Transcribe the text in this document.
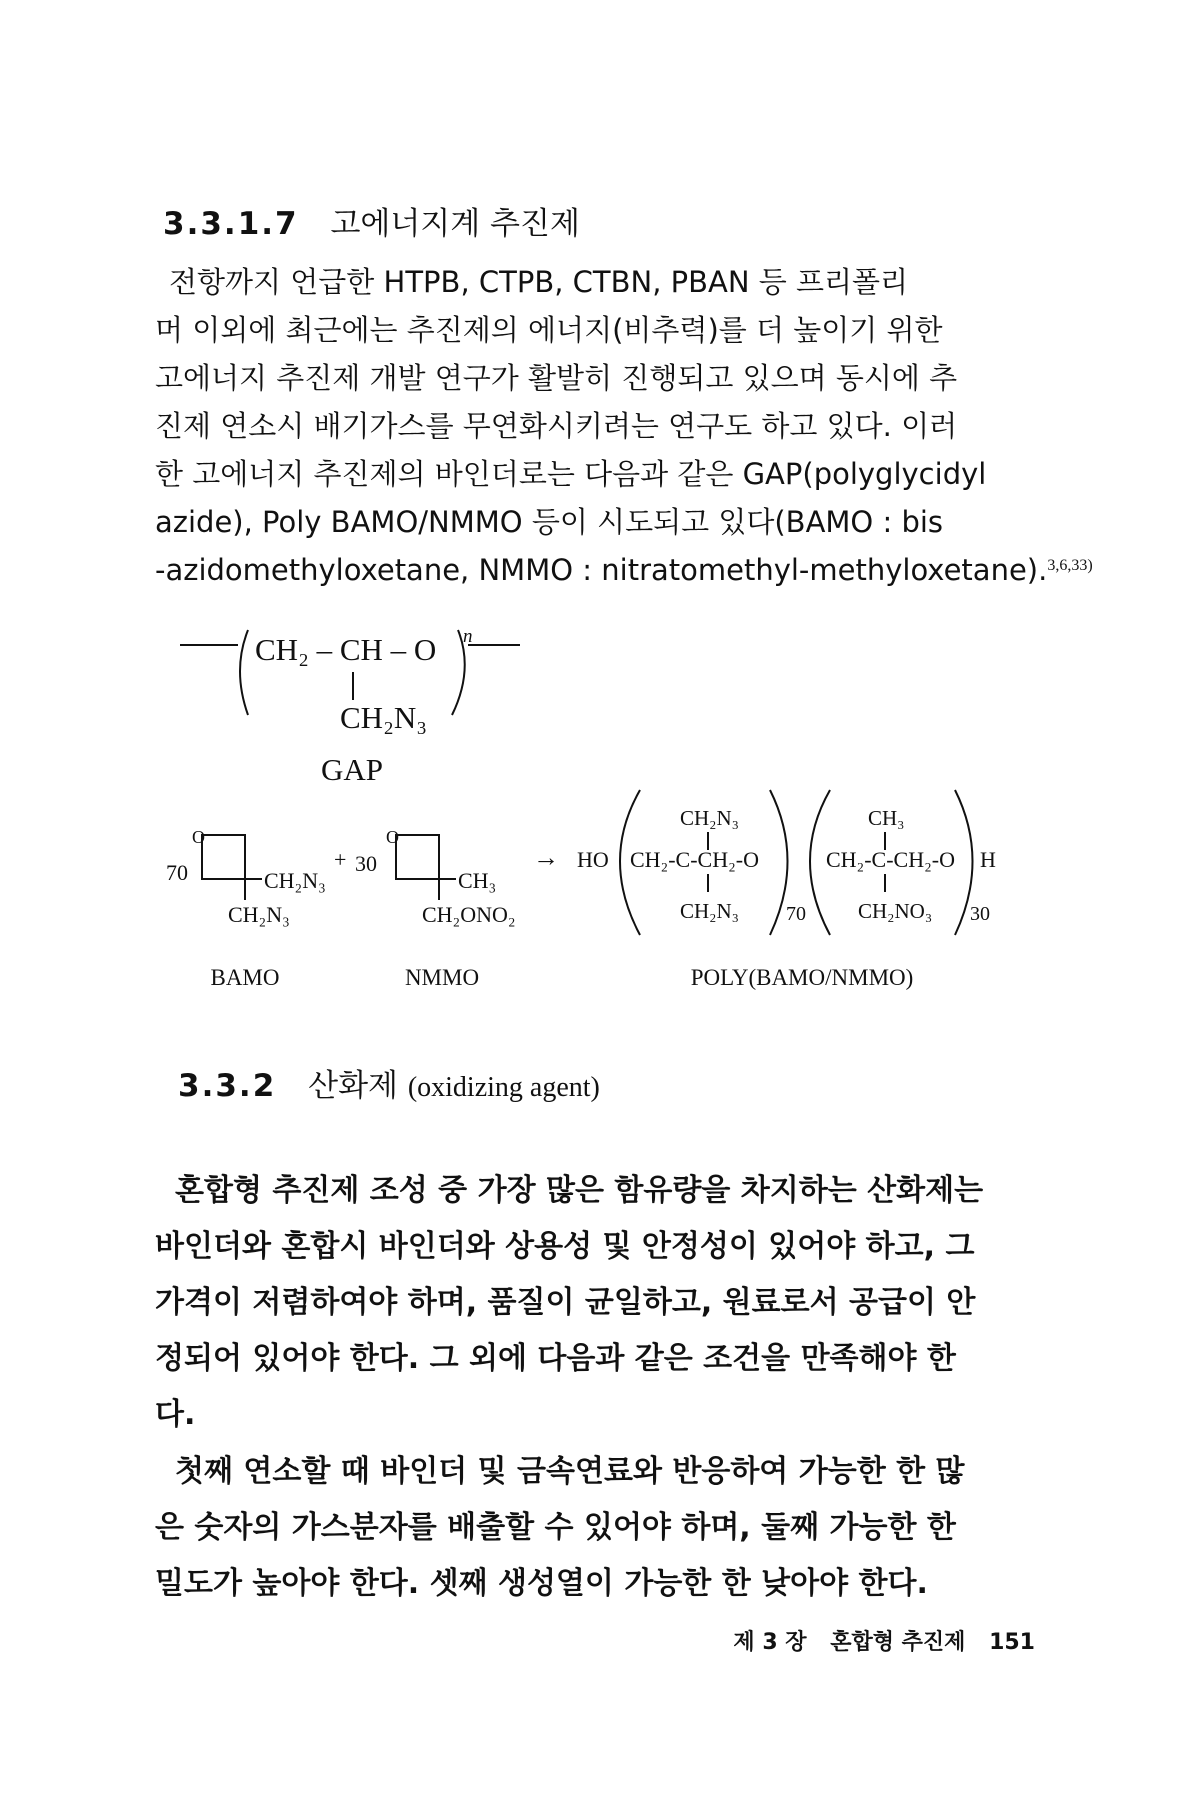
3.3.1.7 고에너지계 추진제
전항까지 언급한 HTPB, CTPB, CTBN, PBAN 등 프리폴리
머 이외에 최근에는 추진제의 에너지(비추력)를 더 높이기 위한
고에너지 추진제 개발 연구가 활발히 진행되고 있으며 동시에 추
진제 연소시 배기가스를 무연화시키려는 연구도 하고 있다. 이러
한 고에너지 추진제의 바인더로는 다음과 같은 GAP(polyglycidyl
azide), Poly BAMO/NMMO 등이 시도되고 있다(BAMO : bis
-azidomethyloxetane, NMMO : nitratomethyl-methyloxetane).$^{3,6,33)}$
CH₂ – CH – O
CH₂N₃
n
GAP
70
O
CH₂N₃
CH₂N₃
+ 30
O
CH₃
CH₂ONO₂
→ HO
CH₂N₃
CH₂-C-CH₂-O
CH₂N₃ 70
CH₃
CH₂-C-CH₂-O
CH₂NO₃
H
30
BAMO	NMMO	POLY(BAMO/NMMO)
3.3.2 산화제 (oxidizing agent)
혼합형 추진제 조성 중 가장 많은 함유량을 차지하는 산화제는
바인더와 혼합시 바인더와 상용성 및 안정성이 있어야 하고, 그
가격이 저렴하여야 하며, 품질이 균일하고, 원료로서 공급이 안
정되어 있어야 한다. 그 외에 다음과 같은 조건을 만족해야 한
다.
첫째 연소할 때 바인더 및 금속연료와 반응하여 가능한 한 많
은 숫자의 가스분자를 배출할 수 있어야 하며, 둘째 가능한 한
밀도가 높아야 한다. 셋째 생성열이 가능한 한 낮아야 한다.
제 3 장 혼합형 추진제 151
